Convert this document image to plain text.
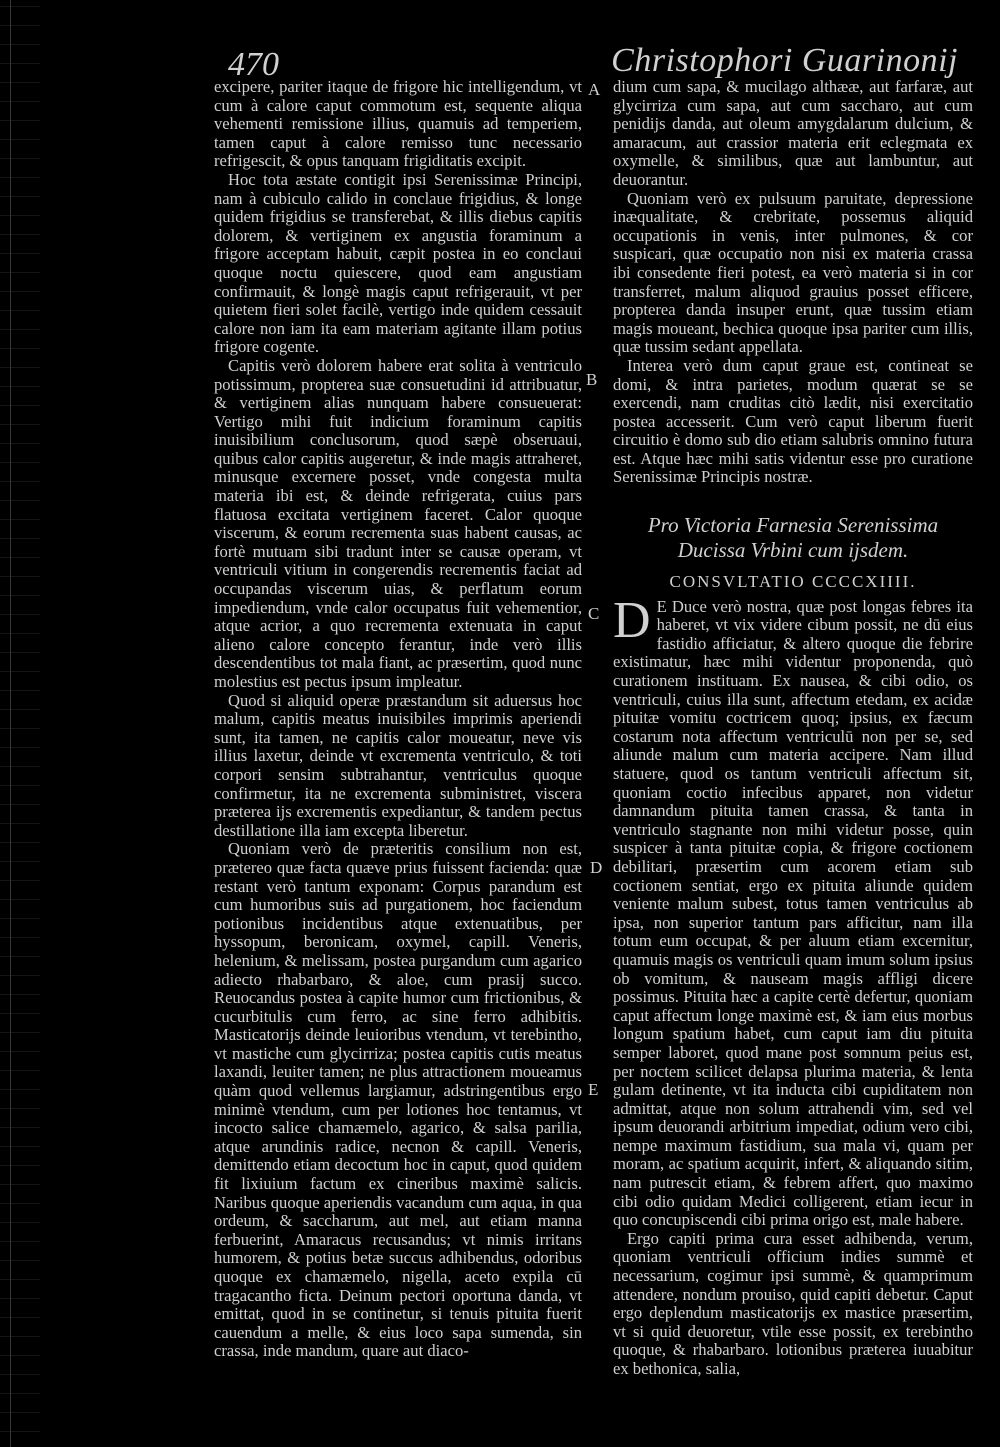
470	Christophori Guarinonij
A
B
C
D
E

excipere, pariter itaque de frigore hic intelligendum, vt cum à calore caput commotum est, sequente aliqua vehementi remissione illius, quamuis ad temperiem, tamen caput à calore remisso tunc necessario refrigescit, & opus tanquam frigiditatis excipit.

Hoc tota æstate contigit ipsi Serenissimæ Principi, nam à cubiculo calido in conclaue frigidius, & longe quidem frigidius se transferebat, & illis diebus capitis dolorem, & vertiginem ex angustia foraminum a frigore acceptam habuit, cæpit postea in eo conclaui quoque noctu quiescere, quod eam angustiam confirmauit, & longè magis caput refrigerauit, vt per quietem fieri solet facilè, vertigo inde quidem cessauit calore non iam ita eam materiam agitante illam potius frigore cogente.

Capitis verò dolorem habere erat solita à ventriculo potissimum, propterea suæ consuetudini id attribuatur, & vertiginem alias nunquam habere consueuerat: Vertigo mihi fuit indicium foraminum capitis inuisibilium conclusorum, quod sæpè obseruaui, quibus calor capitis augeretur, & inde magis attraheret, minusque excernere posset, vnde congesta multa materia ibi est, & deinde refrigerata, cuius pars flatuosa excitata vertiginem faceret. Calor quoque viscerum, & eorum recrementa suas habent causas, ac fortè mutuam sibi tradunt inter se causæ operam, vt ventriculi vitium in congerendis recrementis faciat ad occupandas viscerum uias, & perflatum eorum impediendum, vnde calor occupatus fuit vehementior, atque acrior, a quo recrementa extenuata in caput alieno calore concepto ferantur, inde verò illis descendentibus tot mala fiant, ac præsertim, quod nunc molestius est pectus ipsum impleatur.

Quod si aliquid operæ præstandum sit aduersus hoc malum, capitis meatus inuisibiles imprimis aperiendi sunt, ita tamen, ne capitis calor moueatur, neve vis illius laxetur, deinde vt excrementa ventriculo, & toti corpori sensim subtrahantur, ventriculus quoque confirmetur, ita ne excrementa subministret, viscera præterea ijs excrementis expediantur, & tandem pectus destillatione illa iam excepta liberetur.

Quoniam verò de præteritis consilium non est, prætereo quæ facta quæve prius fuissent facienda: quæ restant verò tantum exponam: Corpus parandum est cum humoribus suis ad purgationem, hoc faciendum potionibus incidentibus atque extenuatibus, per hyssopum, beronicam, oxymel, capill. Veneris, helenium, & melissam, postea purgandum cum agarico adiecto rhabarbaro, & aloe, cum prasij succo. Reuocandus postea à capite humor cum frictionibus, & cucurbitulis cum ferro, ac sine ferro adhibitis. Masticatorijs deinde leuioribus vtendum, vt terebintho, vt mastiche cum glycirriza; postea capitis cutis meatus laxandi, leuiter tamen; ne plus attractionem moueamus quàm quod vellemus largiamur, adstringentibus ergo minimè vtendum, cum per lotiones hoc tentamus, vt incocto salice chamæmelo, agarico, & salsa parilia, atque arundinis radice, necnon & capill. Veneris, demittendo etiam decoctum hoc in caput, quod quidem fit lixiuium factum ex cineribus maximè salicis. Naribus quoque aperiendis vacandum cum aqua, in qua ordeum, & saccharum, aut mel, aut etiam manna ferbuerint, Amaracus recusandus; vt nimis irritans humorem, & potius betæ succus adhibendus, odoribus quoque ex chamæmelo, nigella, aceto expila cū tragacantho ficta. Deinum pectori oportuna danda, vt emittat, quod in se continetur, si tenuis pituita fuerit cauendum a melle, & eius loco sapa sumenda, sin crassa, inde mandum, quare aut diaco-

dium cum sapa, & mucilago althææ, aut farfaræ, aut glycirriza cum sapa, aut cum saccharo, aut cum penidijs danda, aut oleum amygdalarum dulcium, & amaracum, aut crassior materia erit eclegmata ex oxymelle, & similibus, quæ aut lambuntur, aut deuorantur.

Quoniam verò ex pulsuum paruitate, depressione inæqualitate, & crebritate, possemus aliquid occupationis in venis, inter pulmones, & cor suspicari, quæ occupatio non nisi ex materia crassa ibi consedente fieri potest, ea verò materia si in cor transferret, malum aliquod grauius posset efficere, propterea danda insuper erunt, quæ tussim etiam magis moueant, bechica quoque ipsa pariter cum illis, quæ tussim sedant appellata.

Interea verò dum caput graue est, contineat se domi, & intra parietes, modum quærat se se exercendi, nam cruditas citò lædit, nisi exercitatio postea accesserit. Cum verò caput liberum fuerit circuitio è domo sub dio etiam salubris omnino futura est. Atque hæc mihi satis videntur esse pro curatione Serenissimæ Principis nostræ.

Pro Victoria Farnesia Serenissima Ducissa Vrbini cum ijsdem.
CONSVLTATIO CCCCXIIII.

D E Duce verò nostra, quæ post longas febres ita haberet, vt vix videre cibum possit, ne dū eius fastidio afficiatur, & altero quoque die febrire existimatur, hæc mihi videntur proponenda, quò curationem instituam. Ex nausea, & cibi odio, os ventriculi, cuius illa sunt, affectum etedam, ex acidæ pituitæ vomitu coctricem quoq; ipsius, ex fæcum costarum nota affectum ventriculū non per se, sed aliunde malum cum materia accipere. Nam illud statuere, quod os tantum ventriculi affectum sit, quoniam coctio infecibus apparet, non videtur damnandum pituita tamen crassa, & tanta in ventriculo stagnante non mihi videtur posse, quin suspicer à tanta pituitæ copia, & frigore coctionem debilitari, præsertim cum acorem etiam sub coctionem sentiat, ergo ex pituita aliunde quidem veniente malum subest, totus tamen ventriculus ab ipsa, non superior tantum pars afficitur, nam illa totum eum occupat, & per aluum etiam excernitur, quamuis magis os ventriculi quam imum solum ipsius ob vomitum, & nauseam magis affligi dicere possimus. Pituita hæc a capite certè defertur, quoniam caput affectum longe maximè est, & iam eius morbus longum spatium habet, cum caput iam diu pituita semper laboret, quod mane post somnum peius est, per noctem scilicet delapsa plurima materia, & lenta gulam detinente, vt ita inducta cibi cupiditatem non admittat, atque non solum attrahendi vim, sed vel ipsum deuorandi arbitrium impediat, odium vero cibi, nempe maximum fastidium, sua mala vi, quam per moram, ac spatium acquirit, infert, & aliquando sitim, nam putrescit etiam, & febrem affert, quo maximo cibi odio quidam Medici colligerent, etiam iecur in quo concupiscendi cibi prima origo est, male habere.

Ergo capiti prima cura esset adhibenda, verum, quoniam ventriculi officium indies summè et necessarium, cogimur ipsi summè, & quamprimum attendere, nondum prouiso, quid capiti debetur. Caput ergo deplendum masticatorijs ex mastice præsertim, vt si quid deuoretur, vtile esse possit, ex terebintho quoque, & rhabarbaro. lotionibus præterea iuuabitur ex bethonica, salia,
